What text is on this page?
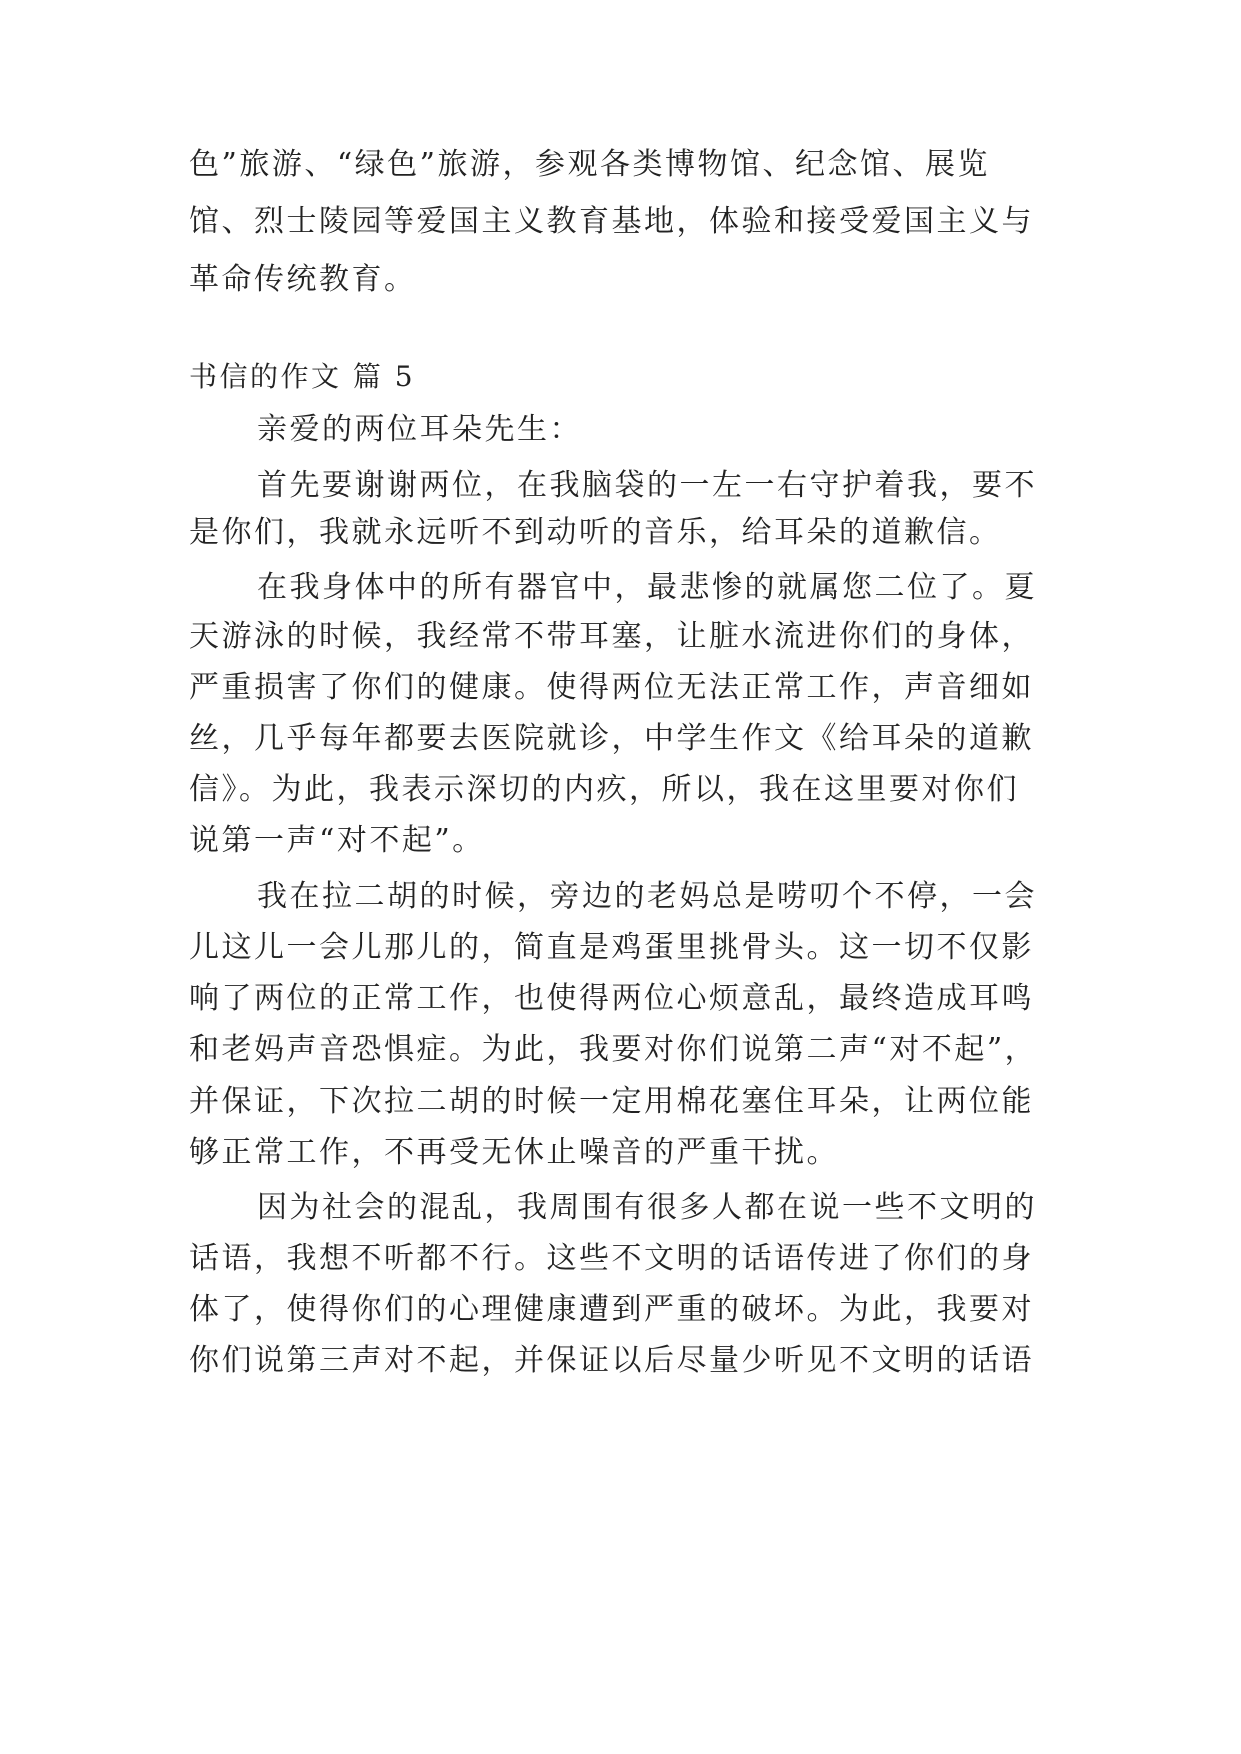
色”旅游、“绿色”旅游，参观各类博物馆、纪念馆、展览
馆、烈士陵园等爱国主义教育基地，体验和接受爱国主义与
革命传统教育。
书信的作文 篇 5
亲爱的两位耳朵先生：
首先要谢谢两位，在我脑袋的一左一右守护着我，要不
是你们，我就永远听不到动听的音乐，给耳朵的道歉信。
在我身体中的所有器官中，最悲惨的就属您二位了。夏
天游泳的时候，我经常不带耳塞，让脏水流进你们的身体，
严重损害了你们的健康。使得两位无法正常工作，声音细如
丝，几乎每年都要去医院就诊，中学生作文《给耳朵的道歉
信》。为此，我表示深切的内疚，所以，我在这里要对你们
说第一声“对不起”。
我在拉二胡的时候，旁边的老妈总是唠叨个不停，一会
儿这儿一会儿那儿的，简直是鸡蛋里挑骨头。这一切不仅影
响了两位的正常工作，也使得两位心烦意乱，最终造成耳鸣
和老妈声音恐惧症。为此，我要对你们说第二声“对不起”，
并保证，下次拉二胡的时候一定用棉花塞住耳朵，让两位能
够正常工作，不再受无休止噪音的严重干扰。
因为社会的混乱，我周围有很多人都在说一些不文明的
话语，我想不听都不行。这些不文明的话语传进了你们的身
体了，使得你们的心理健康遭到严重的破坏。为此，我要对
你们说第三声对不起，并保证以后尽量少听见不文明的话语
